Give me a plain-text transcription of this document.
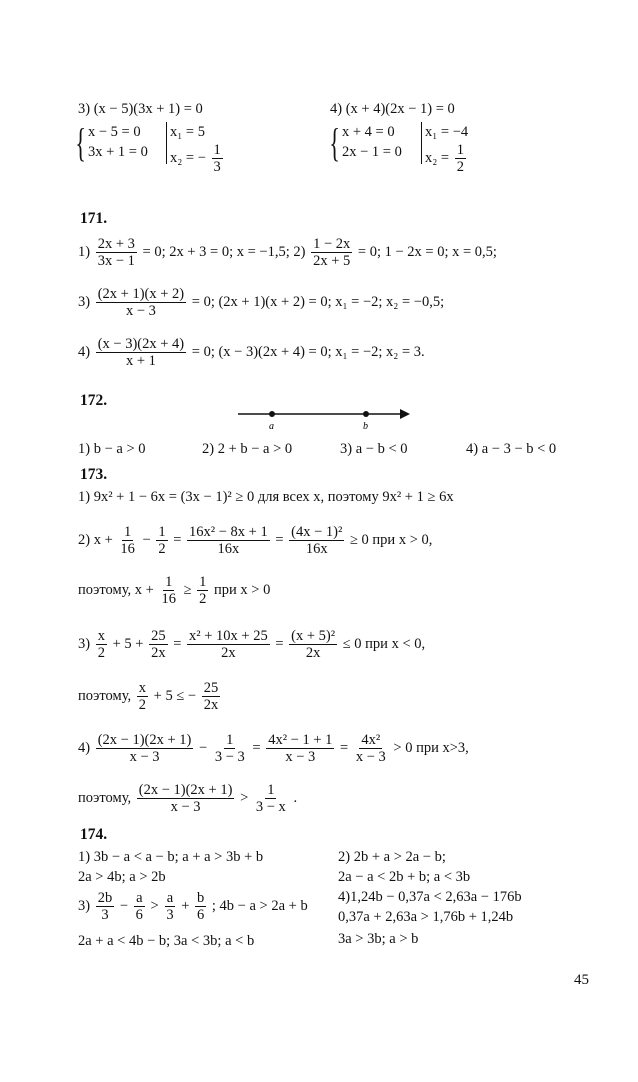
3) (x − 5)(3x + 1) = 0	4) (x + 4)(2x − 1) = 0
{ x − 5 = 0
3x + 1 = 0
x₁ = 5
x₂ = − $\frac{1}{3}$	{ x + 4 = 0
2x − 1 = 0
x₁ = −4
$x_2 = \frac{1}{2}$
171.
$1) \frac{2x + 3}{3x - 1} = 0$; 2x + 3 = 0; x = −1,5; $2) \frac{1 - 2x}{2x + 5} = 0$; 1 − 2x = 0; x = 0,5;
$3) \frac{(2x + 1)(x + 2)}{x - 3} = 0$; (2x + 1)(x + 2) = 0; x₁ = −2; x₂ = −0,5;
$4) \frac{(x - 3)(2x + 4)}{x + 1} = 0$; (x − 3)(2x + 4) = 0; x₁ = −2; x₂ = 3.
172.
a	b
1) b − a > 0	2) 2 + b − a > 0	3) a − b < 0	4) a − 3 − b < 0
173.
1) 9x² + 1 − 6x = (3x − 1)² ≥ 0 для всех x, поэтому 9x² + 1 ≥ 6x
2) $x + \frac{1}{16} - \frac{1}{2} = \frac{\text{16x² − 8x + 1}}{16x} = \frac{\text{(4x − 1)²}}{16x} \ge 0$ при x > 0,
поэтому, $x + \frac{1}{16} \ge \frac{1}{2}$ при x > 0
$3) \frac{x}{2} + 5 + \frac{25}{2x} = \frac{\text{x² + 10x + 25}}{2x} = \frac{\text{(x + 5)²}}{2x} \le 0$ при x < 0,
поэтому, $\frac{x}{2} + 5$ ≤ − $\frac{25}{2x}$
$4) \frac{(2x - 1)(2x + 1)}{x - 3} - \frac{1}{3 - 3} = \frac{\text{4x² − 1 + 1}}{x - 3} = \frac{\text{4x²}}{x - 3} > 0$ при x>3,
поэтому, $\frac{(2x - 1)(2x + 1)}{x - 3} > \frac{1}{3 - x}$ .
174.
1) 3b − a < a − b; a + a > 3b + b
2a > 4b; a > 2b
$3) \frac{2b}{3} - \frac{a}{6} > \frac{a}{3} + \frac{b}{6}$ ; 4b − a > 2a + b
2a + a < 4b − b; 3a < 3b; a < b
2) 2b + a > 2a − b;
2a − a < 2b + b; a < 3b
4)1,24b − 0,37a < 2,63a − 176b
0,37a + 2,63a > 1,76b + 1,24b
3a > 3b; a > b
45
